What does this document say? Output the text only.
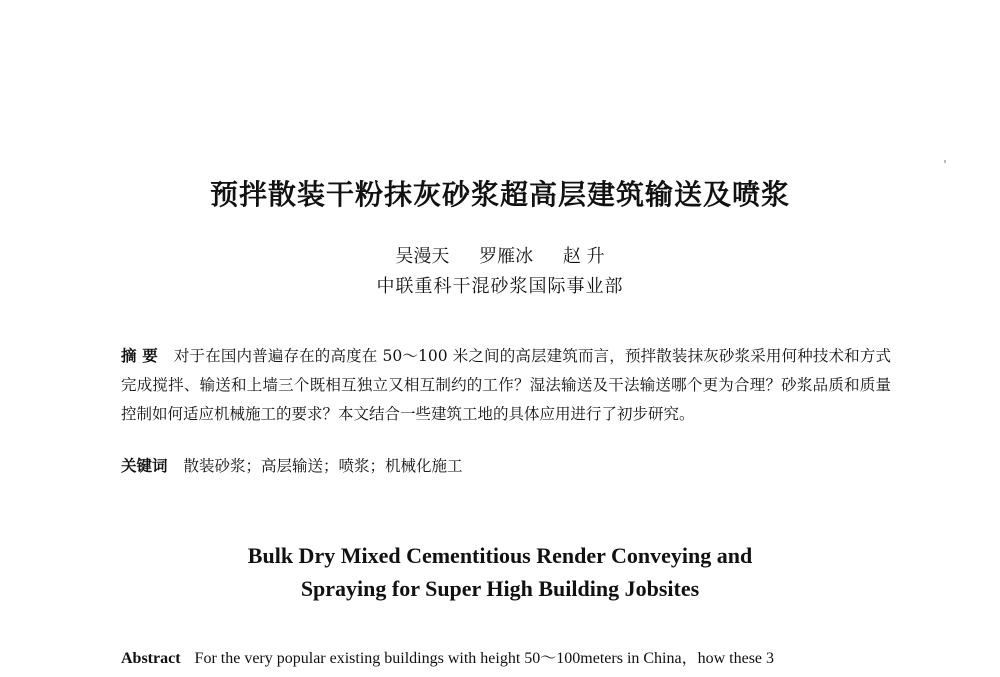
预拌散装干粉抹灰砂浆超高层建筑输送及喷浆
吴漫天 罗雁冰 赵 升
中联重科干混砂浆国际事业部

摘 要 对于在国内普遍存在的高度在 50～100 米之间的高层建筑而言，预拌散装抹灰砂浆采用何种技术和方式完成搅拌、输送和上墙三个既相互独立又相互制约的工作？湿法输送及干法输送哪个更为合理？砂浆品质和质量控制如何适应机械施工的要求？本文结合一些建筑工地的具体应用进行了初步研究。

关键词 散装砂浆；高层输送；喷浆；机械化施工

Bulk Dry Mixed Cementitious Render Conveying and
Spraying for Super High Building Jobsites

Abstract For the very popular existing buildings with height 50～100meters in China，how these 3
